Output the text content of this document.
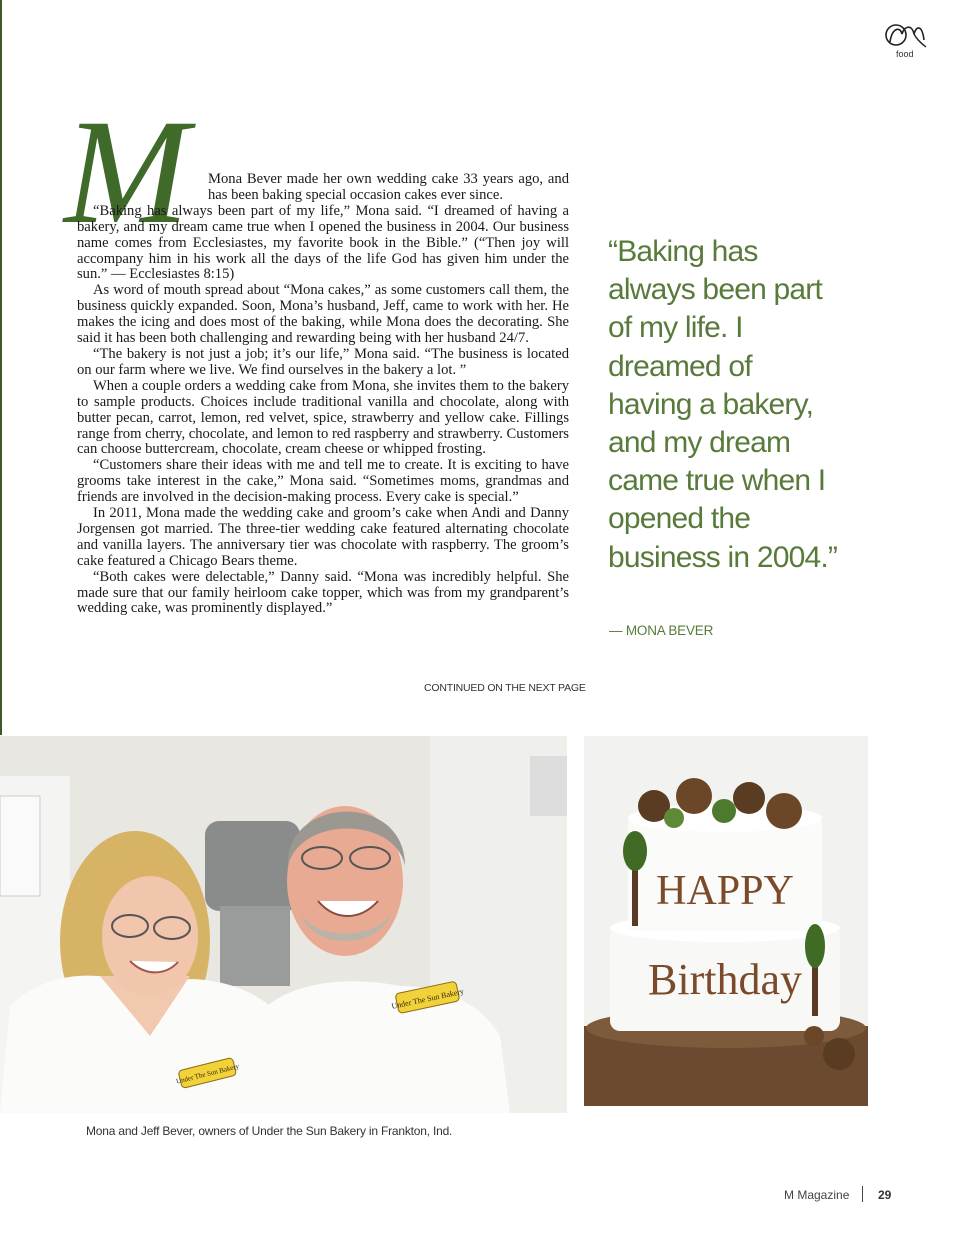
food
M	Mona Bever made her own wedding cake 33 years ago, and has been baking special occasion cakes ever since.

“Baking has always been part of my life,” Mona said. “I dreamed of having a bakery, and my dream came true when I opened the business in 2004. Our business name comes from Ecclesiastes, my favorite book in the Bible.” (“Then joy will accompany him in his work all the days of the life God has given him under the sun.” — Ecclesiastes 8:15)

As word of mouth spread about “Mona cakes,” as some customers call them, the business quickly expanded. Soon, Mona’s husband, Jeff, came to work with her. He makes the icing and does most of the baking, while Mona does the decorating. She said it has been both challenging and rewarding being with her husband 24/7.

“The bakery is not just a job; it’s our life,” Mona said. “The business is located on our farm where we live. We find ourselves in the bakery a lot. ”

When a couple orders a wedding cake from Mona, she invites them to the bakery to sample products. Choices include traditional vanilla and chocolate, along with butter pecan, carrot, lemon, red velvet, spice, strawberry and yellow cake. Fillings range from cherry, chocolate, and lemon to red raspberry and strawberry. Customers can choose buttercream, chocolate, cream cheese or whipped frosting.

“Customers share their ideas with me and tell me to create. It is exciting to have grooms take interest in the cake,” Mona said. “Sometimes moms, grandmas and friends are involved in the decision-making process. Every cake is special.”

In 2011, Mona made the wedding cake and groom’s cake when Andi and Danny Jorgensen got married. The three-tier wedding cake featured alternating chocolate and vanilla layers. The anniversary tier was chocolate with raspberry. The groom’s cake featured a Chicago Bears theme.

“Both cakes were delectable,” Danny said. “Mona was incredibly helpful. She made sure that our family heirloom cake topper, which was from my grandparent’s wedding cake, was prominently displayed.”

CONTINUED ON THE NEXT PAGE
“Baking has always been part of my life. I dreamed of having a bakery, and my dream came true when I opened the business in 2004.”
— MONA BEVER
Under The Sun Bakery
Under The Sun Bakery
HAPPY
Birthday
Mona and Jeff Bever, owners of Under the Sun Bakery in Frankton, Ind.
M Magazine 29
